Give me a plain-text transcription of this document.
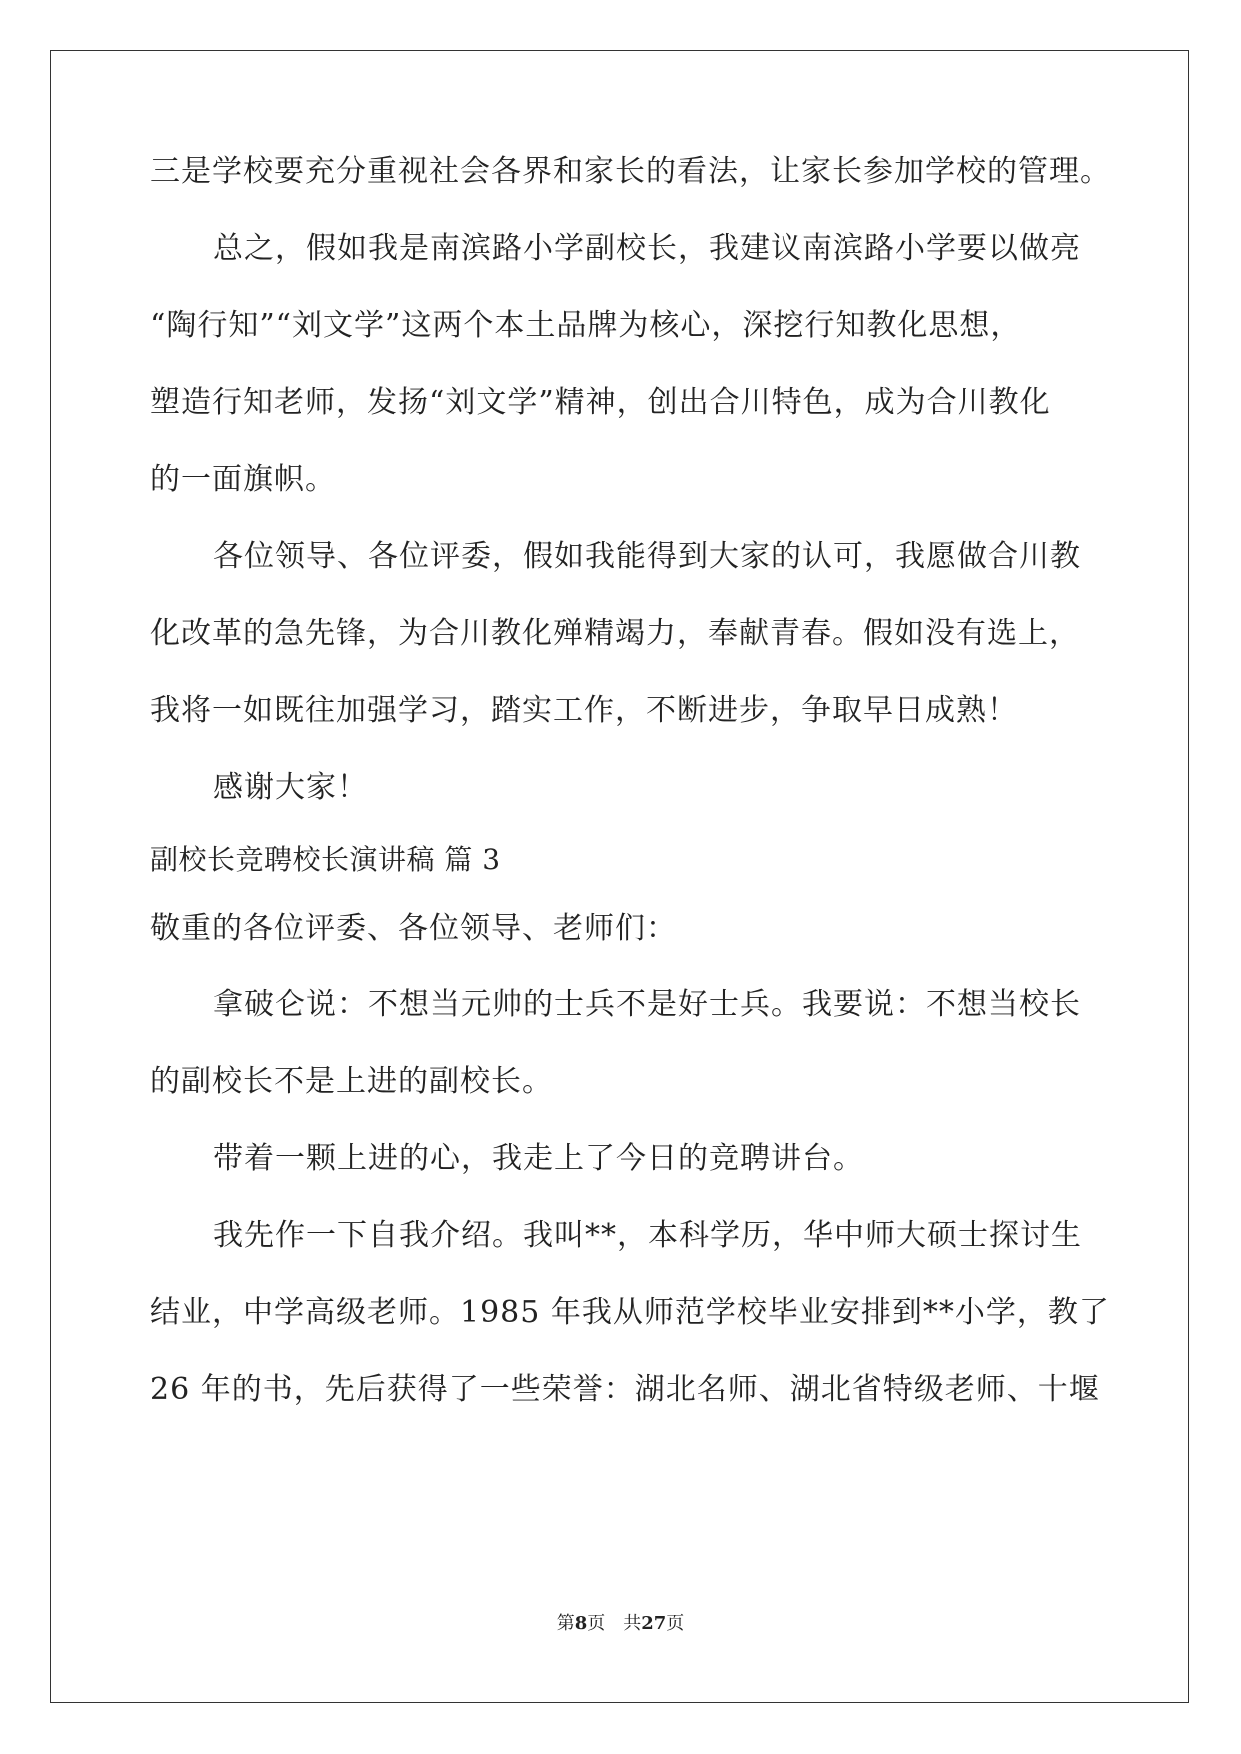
三是学校要充分重视社会各界和家长的看法，让家长参加学校的管理。
总之，假如我是南滨路小学副校长，我建议南滨路小学要以做亮
“陶行知”“刘文学”这两个本土品牌为核心，深挖行知教化思想，
塑造行知老师，发扬“刘文学”精神，创出合川特色，成为合川教化
的一面旗帜。
各位领导、各位评委，假如我能得到大家的认可，我愿做合川教
化改革的急先锋，为合川教化殚精竭力，奉献青春。假如没有选上，
我将一如既往加强学习，踏实工作，不断进步，争取早日成熟！
感谢大家！
副校长竞聘校长演讲稿 篇 3
敬重的各位评委、各位领导、老师们：
拿破仑说：不想当元帅的士兵不是好士兵。我要说：不想当校长
的副校长不是上进的副校长。
带着一颗上进的心，我走上了今日的竞聘讲台。
我先作一下自我介绍。我叫**，本科学历，华中师大硕士探讨生
结业，中学高级老师。1985 年我从师范学校毕业安排到**小学，教了
26 年的书，先后获得了一些荣誉：湖北名师、湖北省特级老师、十堰
第8页 共27页
